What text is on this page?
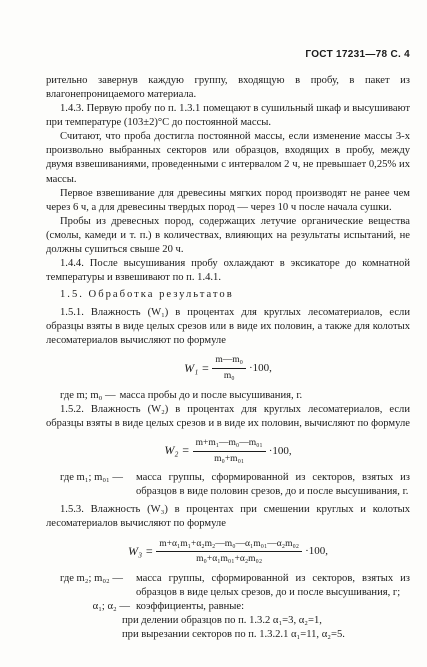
ГОСТ 17231—78 С. 4

рительно завернув каждую группу, входящую в пробу, в пакет из влагонепроницаемого материала.

1.4.3. Первую пробу по п. 1.3.1 помещают в сушильный шкаф и высушивают при температуре (103±2)°С до постоянной массы.

Считают, что проба достигла постоянной массы, если изменение массы 3-х произвольно выбранных секторов или образцов, входящих в пробу, между двумя взвешиваниями, проведенными с интервалом 2 ч, не превышает 0,25% их массы.

Первое взвешивание для древесины мягких пород производят не ранее чем через 6 ч, а для древесины твердых пород — через 10 ч после начала сушки.

Пробы из древесных пород, содержащих летучие органические вещества (смолы, камеди и т. п.) в количествах, влияющих на результаты испытаний, не должны сушиться свыше 20 ч.

1.4.4. После высушивания пробу охлаждают в эксикаторе до комнатной температуры и взвешивают по п. 1.4.1.

1.5. Обработка результатов

1.5.1. Влажность (W₁) в процентах для круглых лесоматериалов, если образцы взяты в виде целых срезов или в виде их половин, а также для колотых лесоматериалов вычисляют по формуле

$W_1 = \frac{\text{m—m₀}}{\text{m₀}} \cdot 100$,
где m; m₀ — масса пробы до и после высушивания, г.

1.5.2. Влажность (W₂) в процентах для круглых лесоматериалов, если образцы взяты в виде целых срезов и в виде их половин, вычисляют по формуле

$W_2 = \frac{\text{m+m₁—m₀—m₀₁}}{\text{m₀+m₀₁}} \cdot 100$,
где m₁; m₀₁ —	масса группы, сформированной из секторов, взятых из образцов в виде половин срезов, до и после высушивания, г.

1.5.3. Влажность (W₃) в процентах при смешении круглых и колотых лесоматериалов вычисляют по формуле

$W_3 = \frac{\text{m+α₁m₁+α₂m₂—m₀—α₁m₀₁—α₂m₀₂}}{\text{m₀+α₁m₀₁+α₂m₀₂}} \cdot 100$,
где m₂; m₀₂ —	масса группы, сформированной из секторов, взятых из образцов в виде целых срезов, до и после высушивания, г;
α₁; α₂ — коэффициенты, равные:

при делении образцов по п. 1.3.2 α₁=3, α₂=1,

при вырезании секторов по п. 1.3.2.1 α₁=11, α₂=5.
